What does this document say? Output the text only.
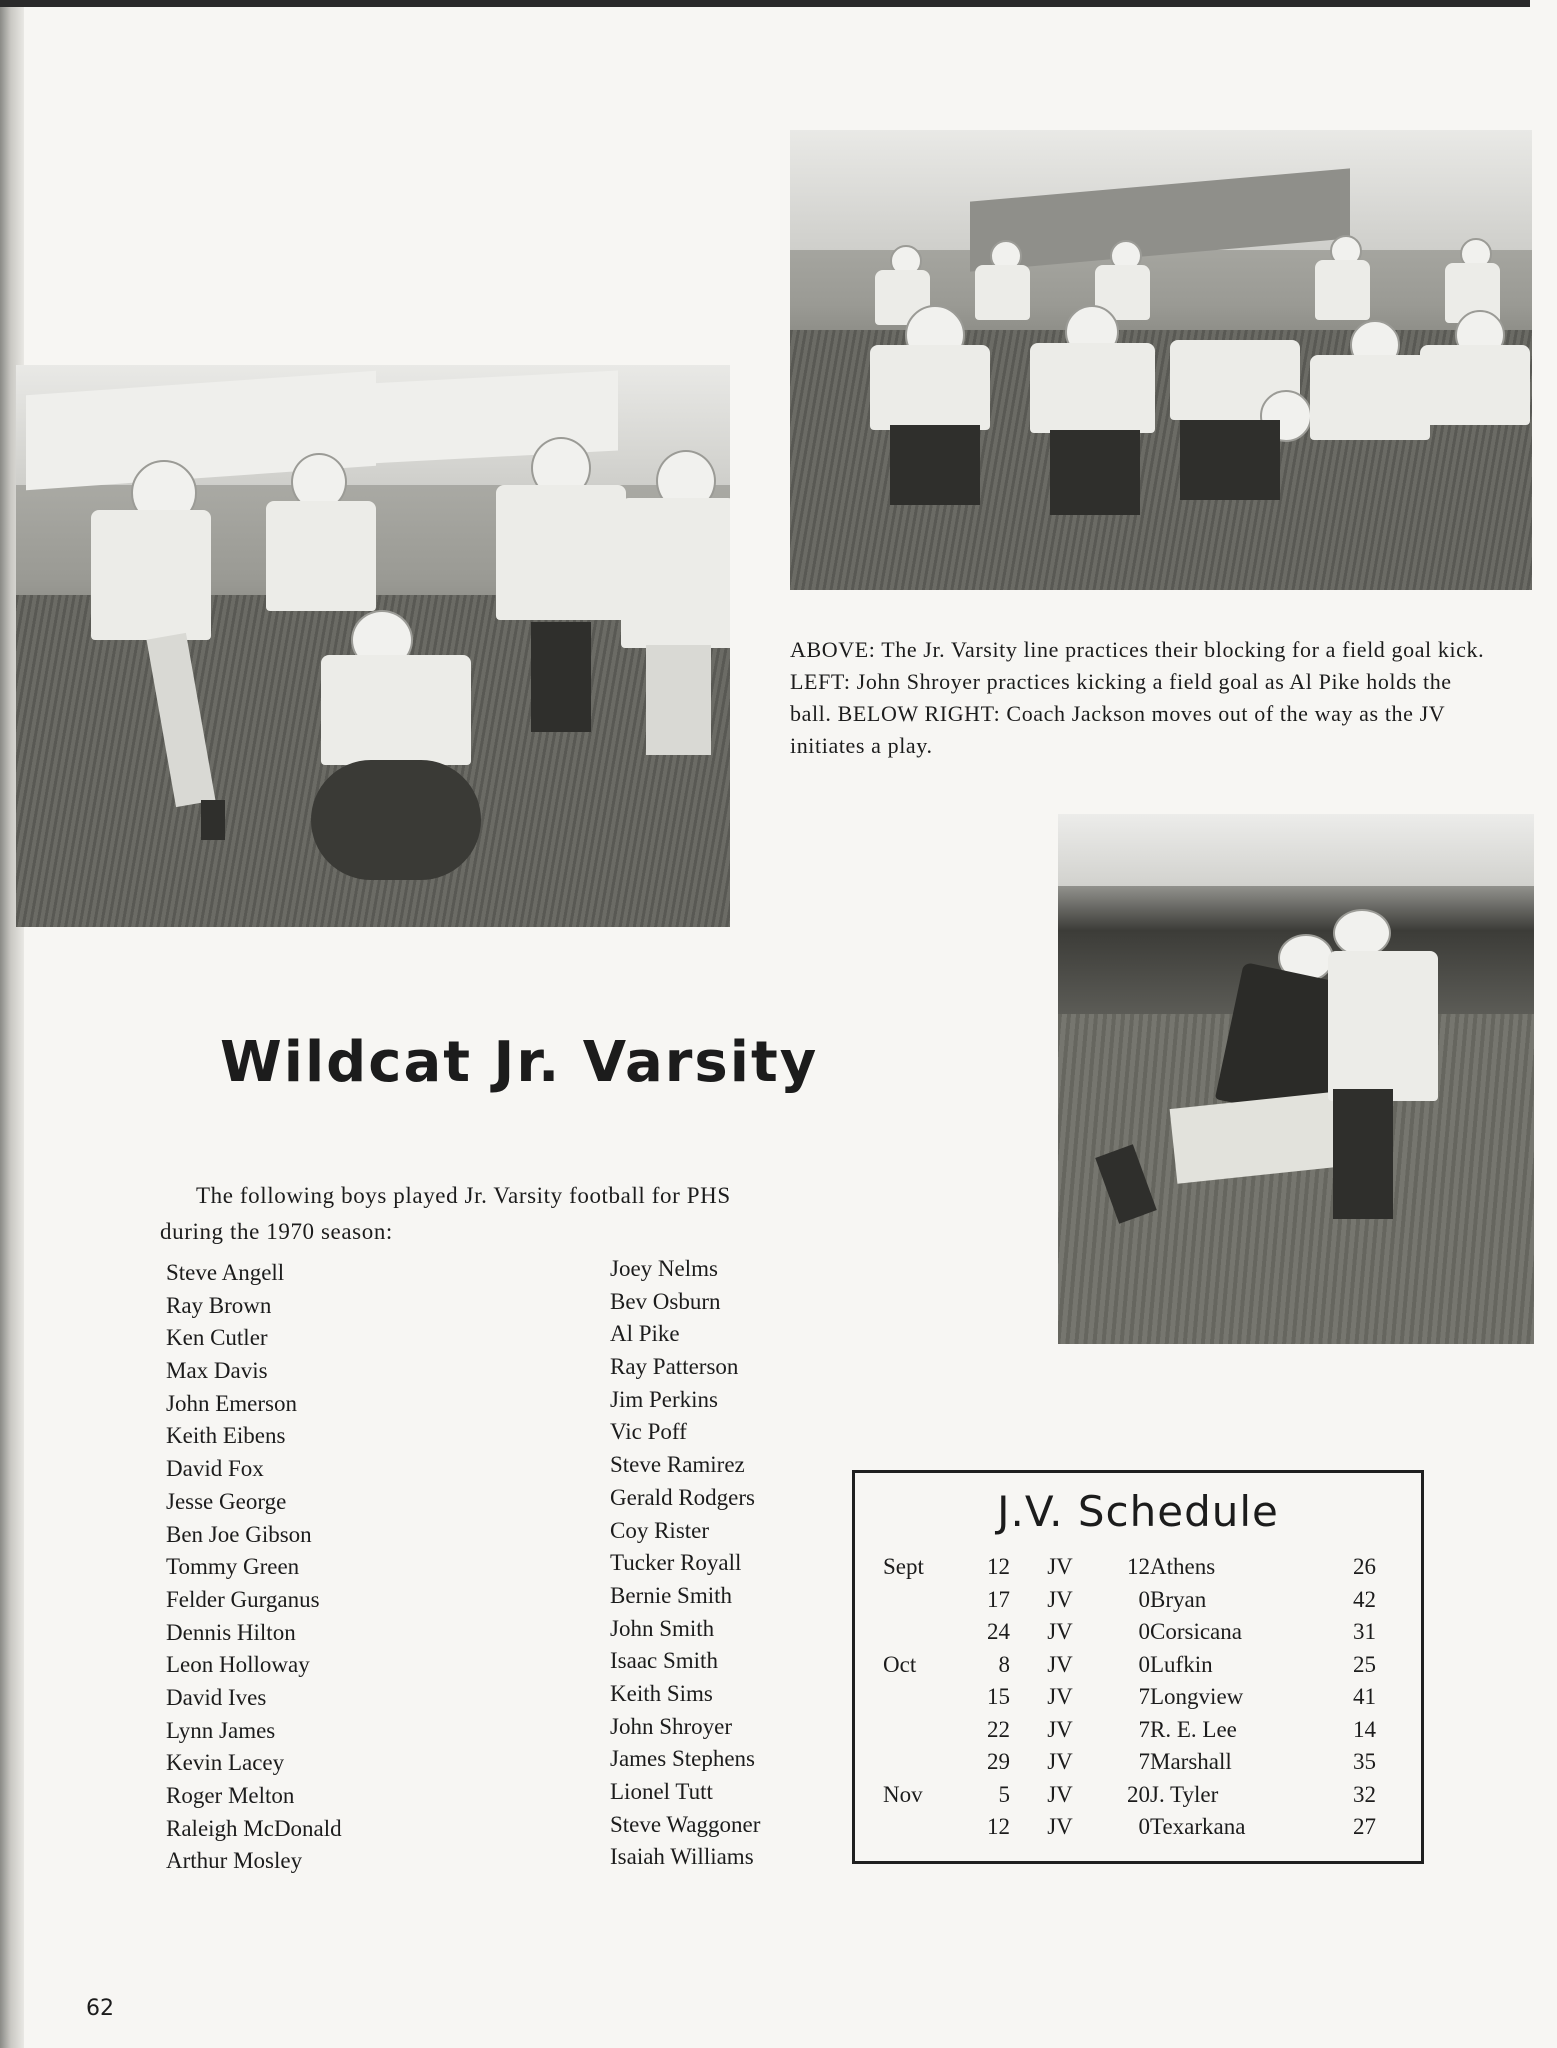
ABOVE: The Jr. Varsity line practices their blocking for a field goal kick. LEFT: John Shroyer practices kicking a field goal as Al Pike holds the ball. BELOW RIGHT: Coach Jackson moves out of the way as the JV initiates a play.

Wildcat Jr. Varsity

The following boys played Jr. Varsity football for PHS during the 1970 season:

Steve Angell
Ray Brown
Ken Cutler
Max Davis
John Emerson
Keith Eibens
David Fox
Jesse George
Ben Joe Gibson
Tommy Green
Felder Gurganus
Dennis Hilton
Leon Holloway
David Ives
Lynn James
Kevin Lacey
Roger Melton
Raleigh McDonald
Arthur Mosley
Joey Nelms
Bev Osburn
Al Pike
Ray Patterson
Jim Perkins
Vic Poff
Steve Ramirez
Gerald Rodgers
Coy Rister
Tucker Royall
Bernie Smith
John Smith
Isaac Smith
Keith Sims
John Shroyer
James Stephens
Lionel Tutt
Steve Waggoner
Isaiah Williams
J.V. Schedule
Sept	12	JV	12	Athens	26
	17	JV	0	Bryan	42
	24	JV	0	Corsicana	31
Oct	8	JV	0	Lufkin	25
	15	JV	7	Longview	41
	22	JV	7	R. E. Lee	14
	29	JV	7	Marshall	35
Nov	5	JV	20	J. Tyler	32
	12	JV	0	Texarkana	27
62
